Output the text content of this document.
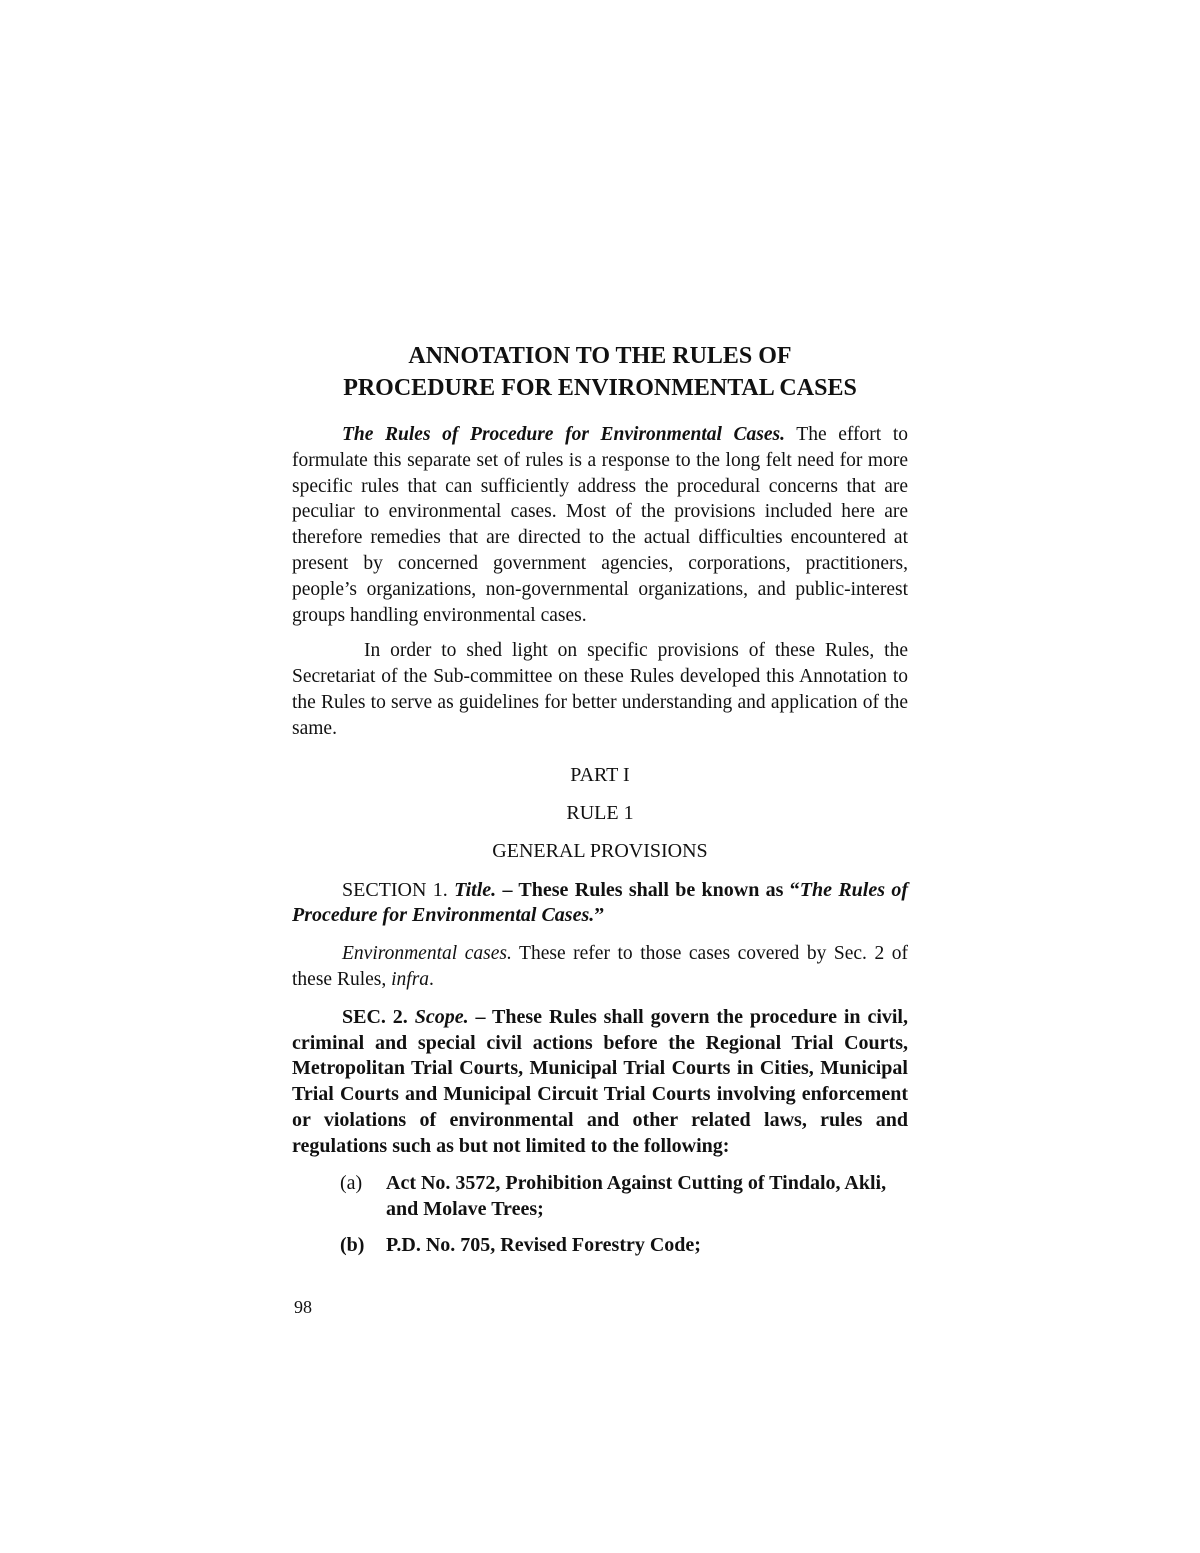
ANNOTATION TO THE RULES OF
PROCEDURE FOR ENVIRONMENTAL CASES

The Rules of Procedure for Environmental Cases. The effort to formulate this separate set of rules is a response to the long felt need for more specific rules that can sufficiently address the procedural concerns that are peculiar to environmental cases. Most of the provisions included here are therefore remedies that are directed to the actual difficulties encountered at present by concerned government agencies, corporations, practitioners, people’s organizations, non-governmental organizations, and public-interest groups handling environmental cases.

In order to shed light on specific provisions of these Rules, the Secretariat of the Sub-committee on these Rules developed this Annotation to the Rules to serve as guidelines for better understanding and application of the same.

PART I
RULE 1
GENERAL PROVISIONS

SECTION 1. Title. – These Rules shall be known as “The Rules of Procedure for Environmental Cases.”

Environmental cases. These refer to those cases covered by Sec. 2 of these Rules, infra.

SEC. 2. Scope. – These Rules shall govern the procedure in civil, criminal and special civil actions before the Regional Trial Courts, Metropolitan Trial Courts, Municipal Trial Courts in Cities, Municipal Trial Courts and Municipal Circuit Trial Courts involving enforcement or violations of environmental and other related laws, rules and regulations such as but not limited to the following:

(a) Act No. 3572, Prohibition Against Cutting of Tindalo, Akli, and Molave Trees;
(b) P.D. No. 705, Revised Forestry Code;
98
